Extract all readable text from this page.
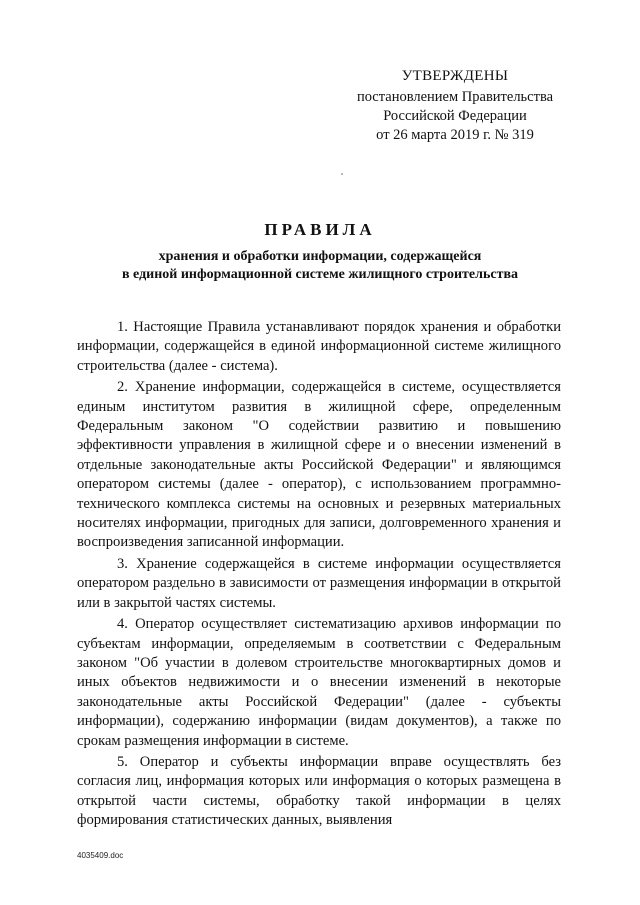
УТВЕРЖДЕНЫ
постановлением Правительства
Российской Федерации
от 26 марта 2019 г. № 319
ПРАВИЛА
хранения и обработки информации, содержащейся
в единой информационной системе жилищного строительства

1. Настоящие Правила устанавливают порядок хранения и обработки информации, содержащейся в единой информационной системе жилищного строительства (далее - система).

2. Хранение информации, содержащейся в системе, осуществляется единым институтом развития в жилищной сфере, определенным Федеральным законом "О содействии развитию и повышению эффективности управления в жилищной сфере и о внесении изменений в отдельные законодательные акты Российской Федерации" и являющимся оператором системы (далее - оператор), с использованием программно-технического комплекса системы на основных и резервных материальных носителях информации, пригодных для записи, долговременного хранения и воспроизведения записанной информации.

3. Хранение содержащейся в системе информации осуществляется оператором раздельно в зависимости от размещения информации в открытой или в закрытой частях системы.

4. Оператор осуществляет систематизацию архивов информации по субъектам информации, определяемым в соответствии с Федеральным законом "Об участии в долевом строительстве многоквартирных домов и иных объектов недвижимости и о внесении изменений в некоторые законодательные акты Российской Федерации" (далее - субъекты информации), содержанию информации (видам документов), а также по срокам размещения информации в системе.

5. Оператор и субъекты информации вправе осуществлять без согласия лиц, информация которых или информация о которых размещена в открытой части системы, обработку такой информации в целях формирования статистических данных, выявления

4035409.doc
